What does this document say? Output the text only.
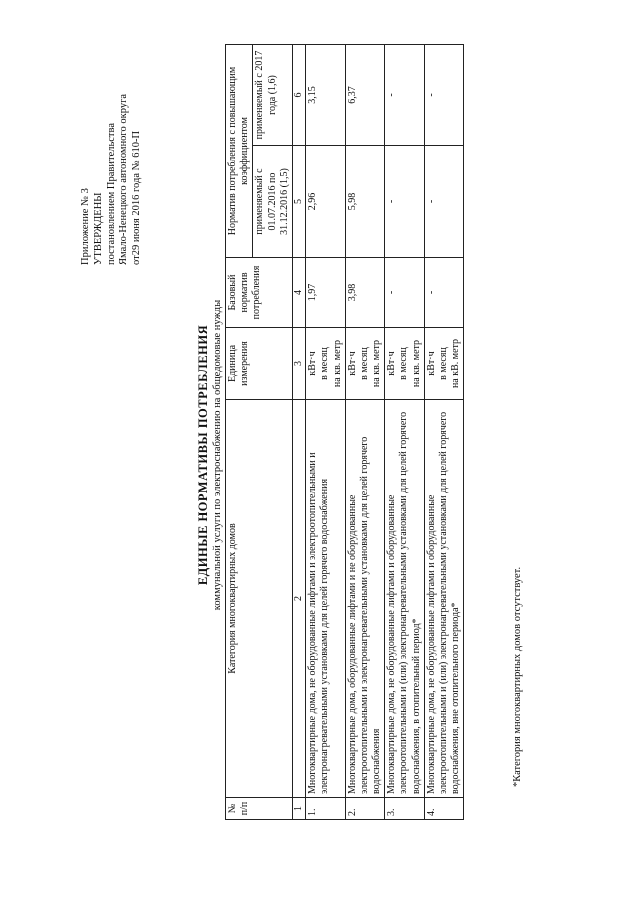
Приложение № 3 УТВЕРЖДЕНЫ постановлением Правительства Ямало-Ненецкого автономного округа от29 июня 2016 года № 610-П
ЕДИНЫЕ НОРМАТИВЫ ПОТРЕБЛЕНИЯ коммунальной услуги по электроснабжению на общедомовые нужды
№ п/п	Категория многоквартирных домов	Единица измерения	Базовый норматив потребления	Норматив потребления с повышающим коэффициентом	
				применяемый с 01.07.2016 по 31.12.2016 (1,5)	применяемый с 2017 года (1,6)
1	2	3	4	5	6
1.	Многоквартирные дома, не оборудованные лифтами и электроотопительными и электронагревательными установками для целей горячего водоснабжения	кВт·ч в месяц на кв. метр	1,97	2,96	3,15
2.	Многоквартирные дома, оборудованные лифтами и не оборудованные электроотопительными и электронагревательными установками для целей горячего водоснабжения	кВт·ч в месяц на кв. метр	3,98	5,98	6,37
3.	Многоквартирные дома, не оборудованные лифтами и оборудованные электроотопительными и (или) электронагревательными установками для целей горячего водоснабжения, в отопительный период*	кВт·ч в месяц на кв. метр	-	-	-
4.	Многоквартирные дома, не оборудованные лифтами и оборудованные электроотопительными и (или) электронагревательными установками для целей горячего водоснабжения, вне отопительного периода*	кВт·ч в месяц на кВ. метр	-	-	-
*Категория многоквартирных домов отсутствует.
